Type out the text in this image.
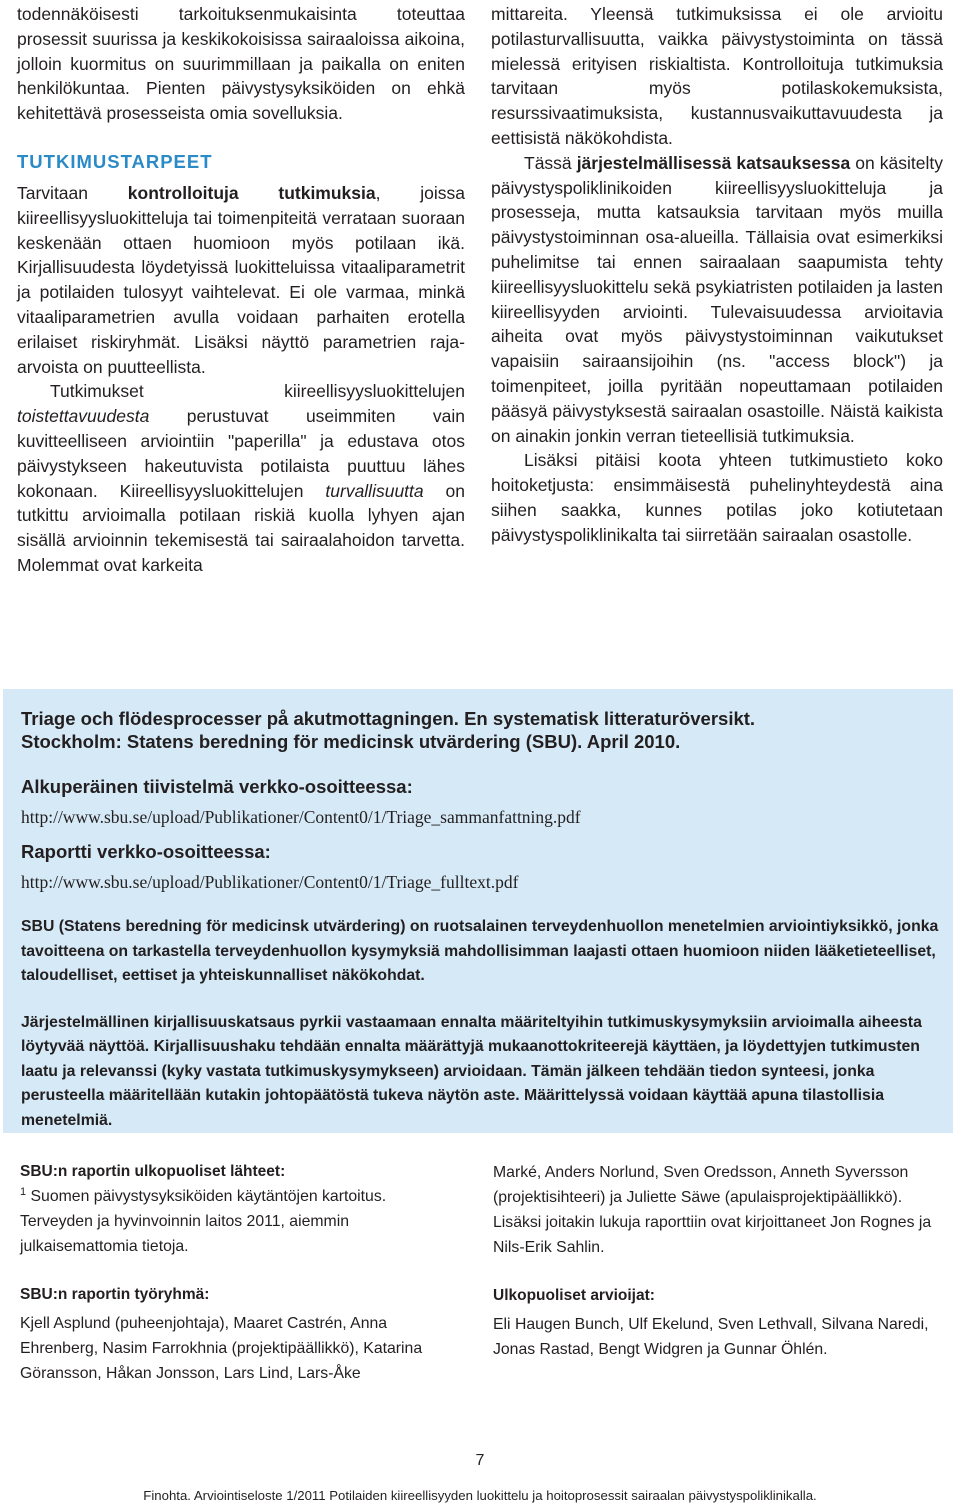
todennäköisesti tarkoituksenmukaisinta toteuttaa prosessit suurissa ja keskikokoisissa sairaaloissa aikoina, jolloin kuormitus on suurimmillaan ja paikalla on eniten henkilökuntaa. Pienten päivystysyksiköiden on ehkä kehitettävä prosesseista omia sovelluksia.

TUTKIMUSTARPEET

Tarvitaan kontrolloituja tutkimuksia, joissa kiireellisyysluokitteluja tai toimenpiteitä verrataan suoraan keskenään ottaen huomioon myös potilaan ikä. Kirjallisuudesta löydetyissä luokitteluissa vitaaliparametrit ja potilaiden tulosyyt vaihtelevat. Ei ole varmaa, minkä vitaaliparametrien avulla voidaan parhaiten erotella erilaiset riskiryhmät. Lisäksi näyttö parametrien raja-arvoista on puutteellista.

Tutkimukset kiireellisyysluokittelujen toistettavuudesta perustuvat useimmiten vain kuvitteelliseen arviointiin "paperilla" ja edustava otos päivystykseen hakeutuvista potilaista puuttuu lähes kokonaan. Kiireellisyysluokittelujen turvallisuutta on tutkittu arvioimalla potilaan riskiä kuolla lyhyen ajan sisällä arvioinnin tekemisestä tai sairaalahoidon tarvetta. Molemmat ovat karkeita

mittareita. Yleensä tutkimuksissa ei ole arvioitu potilasturvallisuutta, vaikka päivystystoiminta on tässä mielessä erityisen riskialtista. Kontrolloituja tutkimuksia tarvitaan myös potilaskokemuksista, resurssivaatimuksista, kustannusvaikuttavuudesta ja eettisistä näkökohdista.

Tässä järjestelmällisessä katsauksessa on käsitelty päivystyspoliklinikoiden kiireellisyysluokitteluja ja prosesseja, mutta katsauksia tarvitaan myös muilla päivystystoiminnan osa-alueilla. Tällaisia ovat esimerkiksi puhelimitse tai ennen sairaalaan saapumista tehty kiireellisyysluokittelu sekä psykiatristen potilaiden ja lasten kiireellisyyden arviointi. Tulevaisuudessa arvioitavia aiheita ovat myös päivystystoiminnan vaikutukset vapaisiin sairaansijoihin (ns. "access block") ja toimenpiteet, joilla pyritään nopeuttamaan potilaiden pääsyä päivystyksestä sairaalan osastoille. Näistä kaikista on ainakin jonkin verran tieteellisiä tutkimuksia.

Lisäksi pitäisi koota yhteen tutkimustieto koko hoitoketjusta: ensimmäisestä puhelinyhteydestä aina siihen saakka, kunnes potilas joko kotiutetaan päivystyspoliklinikalta tai siirretään sairaalan osastolle.

Triage och flödesprocesser på akutmottagningen. En systematisk litteraturöversikt.
Stockholm: Statens beredning för medicinsk utvärdering (SBU). April 2010.
Alkuperäinen tiivistelmä verkko-osoitteessa:
http://www.sbu.se/upload/Publikationer/Content0/1/Triage_sammanfattning.pdf
Raportti verkko-osoitteessa:
http://www.sbu.se/upload/Publikationer/Content0/1/Triage_fulltext.pdf
SBU (Statens beredning för medicinsk utvärdering) on ruotsalainen terveydenhuollon menetelmien arviointiyksikkö, jonka tavoitteena on tarkastella terveydenhuollon kysymyksiä mahdollisimman laajasti ottaen huomioon niiden lääketieteelliset, taloudelliset, eettiset ja yhteiskunnalliset näkökohdat.
Järjestelmällinen kirjallisuuskatsaus pyrkii vastaamaan ennalta määriteltyihin tutkimuskysymyksiin arvioimalla aiheesta löytyvää näyttöä. Kirjallisuushaku tehdään ennalta määrättyjä mukaanottokriteerejä käyttäen, ja löydettyjen tutkimusten laatu ja relevanssi (kyky vastata tutkimuskysymykseen) arvioidaan. Tämän jälkeen tehdään tiedon synteesi, jonka perusteella määritellään kutakin johtopäätöstä tukeva näytön aste. Määrittelyssä voidaan käyttää apuna tilastollisia menetelmiä.
SBU:n raportin ulkopuoliset lähteet:

$^1$ Suomen päivystysyksiköiden käytäntöjen kartoitus. Terveyden ja hyvinvoinnin laitos 2011, aiemmin julkaisemattomia tietoja.

SBU:n raportin työryhmä:

Kjell Asplund (puheenjohtaja), Maaret Castrén, Anna Ehrenberg, Nasim Farrokhnia (projektipäällikkö), Katarina Göransson, Håkan Jonsson, Lars Lind, Lars-Åke

Marké, Anders Norlund, Sven Oredsson, Anneth Syversson (projektisihteeri) ja Juliette Säwe (apulaisprojektipäällikkö). Lisäksi joitakin lukuja raporttiin ovat kirjoittaneet Jon Rognes ja Nils-Erik Sahlin.

Ulkopuoliset arvioijat:

Eli Haugen Bunch, Ulf Ekelund, Sven Lethvall, Silvana Naredi, Jonas Rastad, Bengt Widgren ja Gunnar Öhlén.

7
Finohta. Arviointiseloste 1/2011 Potilaiden kiireellisyyden luokittelu ja hoitoprosessit sairaalan päivystyspoliklinikalla.
